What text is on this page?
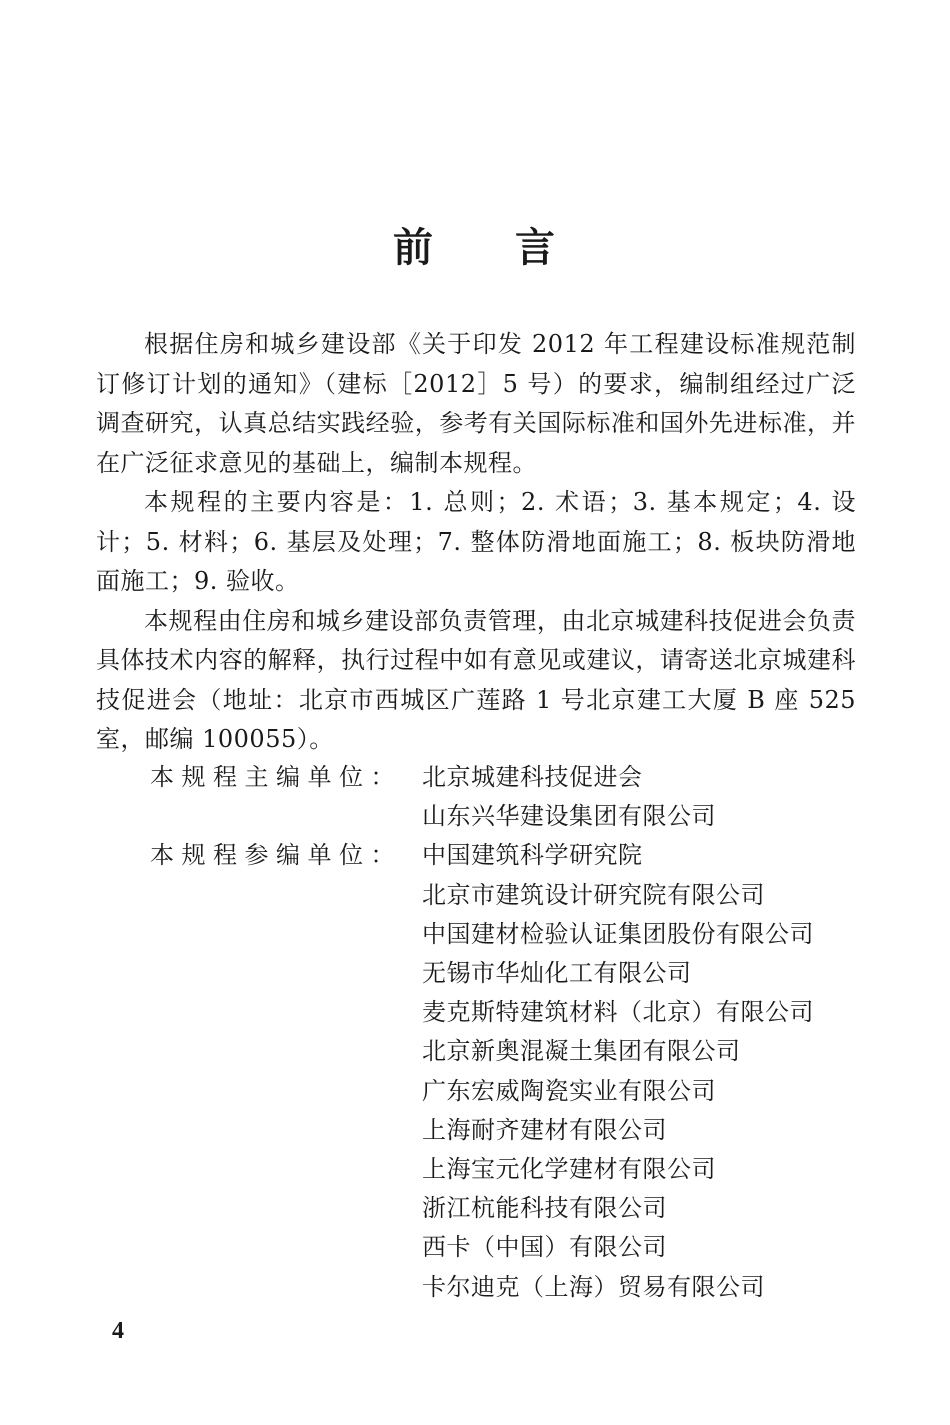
前 言

根据住房和城乡建设部《关于印发 2012 年工程建设标准规范制订修订计划的通知》（建标［2012］5 号）的要求，编制组经过广泛调查研究，认真总结实践经验，参考有关国际标准和国外先进标准，并在广泛征求意见的基础上，编制本规程。

本规程的主要内容是：1. 总则；2. 术语；3. 基本规定；4. 设计；5. 材料；6. 基层及处理；7. 整体防滑地面施工；8. 板块防滑地面施工；9. 验收。

本规程由住房和城乡建设部负责管理，由北京城建科技促进会负责具体技术内容的解释，执行过程中如有意见或建议，请寄送北京城建科技促进会（地址：北京市西城区广莲路 1 号北京建工大厦 B 座 525 室，邮编 100055）。

本规程主编单位： 北京城建科技促进会
山东兴华建设集团有限公司
本规程参编单位： 中国建筑科学研究院
北京市建筑设计研究院有限公司
中国建材检验认证集团股份有限公司
无锡市华灿化工有限公司
麦克斯特建筑材料（北京）有限公司
北京新奥混凝土集团有限公司
广东宏威陶瓷实业有限公司
上海耐齐建材有限公司
上海宝元化学建材有限公司
浙江杭能科技有限公司
西卡（中国）有限公司
卡尔迪克（上海）贸易有限公司
4
